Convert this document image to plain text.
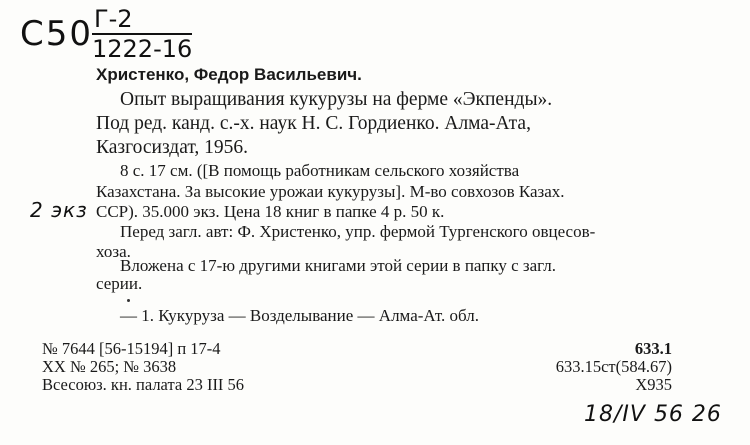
С50 Г-2
1222-16
Христенко, Федор Васильевич.
Опыт выращивания кукурузы на ферме «Экпенды».
Под ред. канд. с.-х. наук Н. С. Гордиенко. Алма-Ата,
Казгосиздат, 1956.
8 с. 17 см. ([В помощь работникам сельского хозяйства
Казахстана. За высокие урожаи кукурузы]. М-во совхозов Казах.
ССР). 35.000 экз. Цена 18 книг в папке 4 р. 50 к.
2 экз
Перед загл. авт: Ф. Христенко, упр. фермой Тургенского овцесов-
хоза.
Вложена с 17-ю другими книгами этой серии в папку с загл.
серии.
— 1. Кукуруза — Возделывание — Алма-Ат. обл.
№ 7644 [56-15194] п 17-4
XX № 265; № 3638
Всесоюз. кн. палата 23 III 56
633.1
633.15ст(584.67)
Х935
18/IV 56 26
